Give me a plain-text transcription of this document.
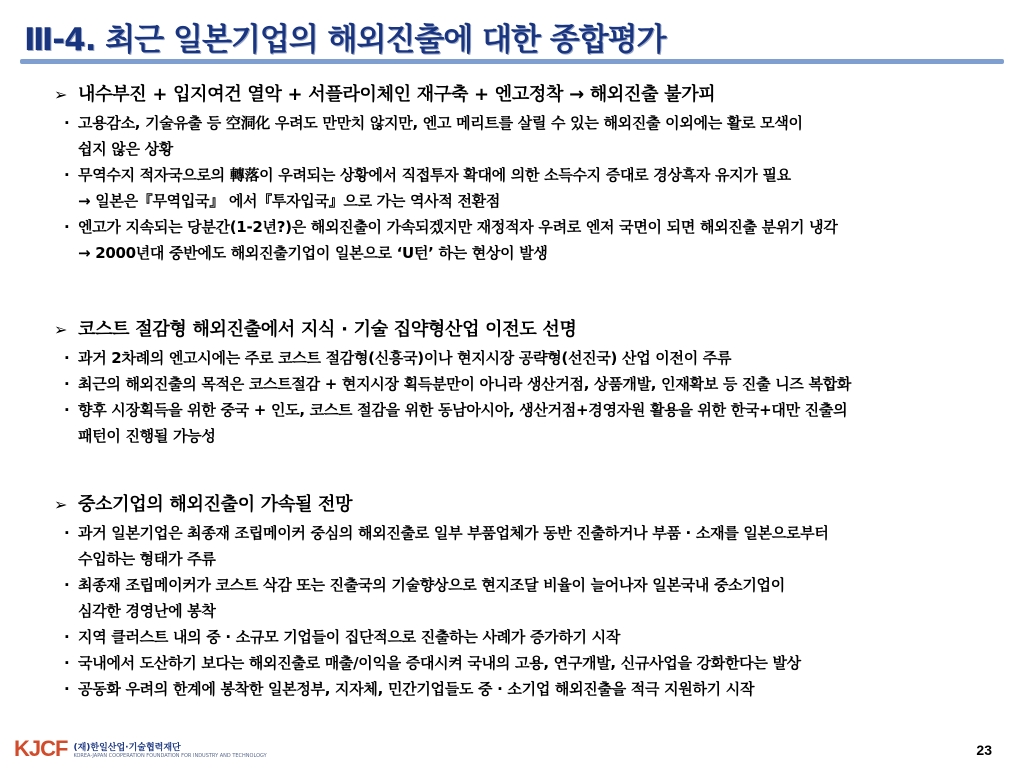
Ⅲ-4. 최근 일본기업의 해외진출에 대한 종합평가
➢ 내수부진 + 입지여건 열악 + 서플라이체인 재구축 + 엔고정착 → 해외진출 불가피
· 고용감소, 기술유출 등 空洞化 우려도 만만치 않지만, 엔고 메리트를 살릴 수 있는 해외진출 이외에는 활로 모색이
쉽지 않은 상황
· 무역수지 적자국으로의 轉落이 우려되는 상황에서 직접투자 확대에 의한 소득수지 증대로 경상흑자 유지가 필요
→ 일본은『무역입국』 에서『투자입국』으로 가는 역사적 전환점
· 엔고가 지속되는 당분간(1-2년?)은 해외진출이 가속되겠지만 재정적자 우려로 엔저 국면이 되면 해외진출 분위기 냉각
→ 2000년대 중반에도 해외진출기업이 일본으로 ‘U턴’ 하는 현상이 발생
➢ 코스트 절감형 해외진출에서 지식 · 기술 집약형산업 이전도 선명
· 과거 2차례의 엔고시에는 주로 코스트 절감형(신흥국)이나 현지시장 공략형(선진국) 산업 이전이 주류
· 최근의 해외진출의 목적은 코스트절감 + 현지시장 획득분만이 아니라 생산거점, 상품개발, 인재확보 등 진출 니즈 복합화
· 향후 시장획득을 위한 중국 + 인도, 코스트 절감을 위한 동남아시아, 생산거점+경영자원 활용을 위한 한국+대만 진출의
패턴이 진행될 가능성
➢ 중소기업의 해외진출이 가속될 전망
· 과거 일본기업은 최종재 조립메이커 중심의 해외진출로 일부 부품업체가 동반 진출하거나 부품 · 소재를 일본으로부터
수입하는 형태가 주류
· 최종재 조립메이커가 코스트 삭감 또는 진출국의 기술향상으로 현지조달 비율이 늘어나자 일본국내 중소기업이
심각한 경영난에 봉착
· 지역 클러스트 내의 중 · 소규모 기업들이 집단적으로 진출하는 사례가 증가하기 시작
· 국내에서 도산하기 보다는 해외진출로 매출/이익을 증대시켜 국내의 고용, 연구개발, 신규사업을 강화한다는 발상
· 공동화 우려의 한계에 봉착한 일본정부, 지자체, 민간기업들도 중 · 소기업 해외진출을 적극 지원하기 시작
KJCF (재)한일산업·기술협력재단
KOREA-JAPAN COOPERATION FOUNDATION FOR INDUSTRY AND TECHNOLOGY	23
